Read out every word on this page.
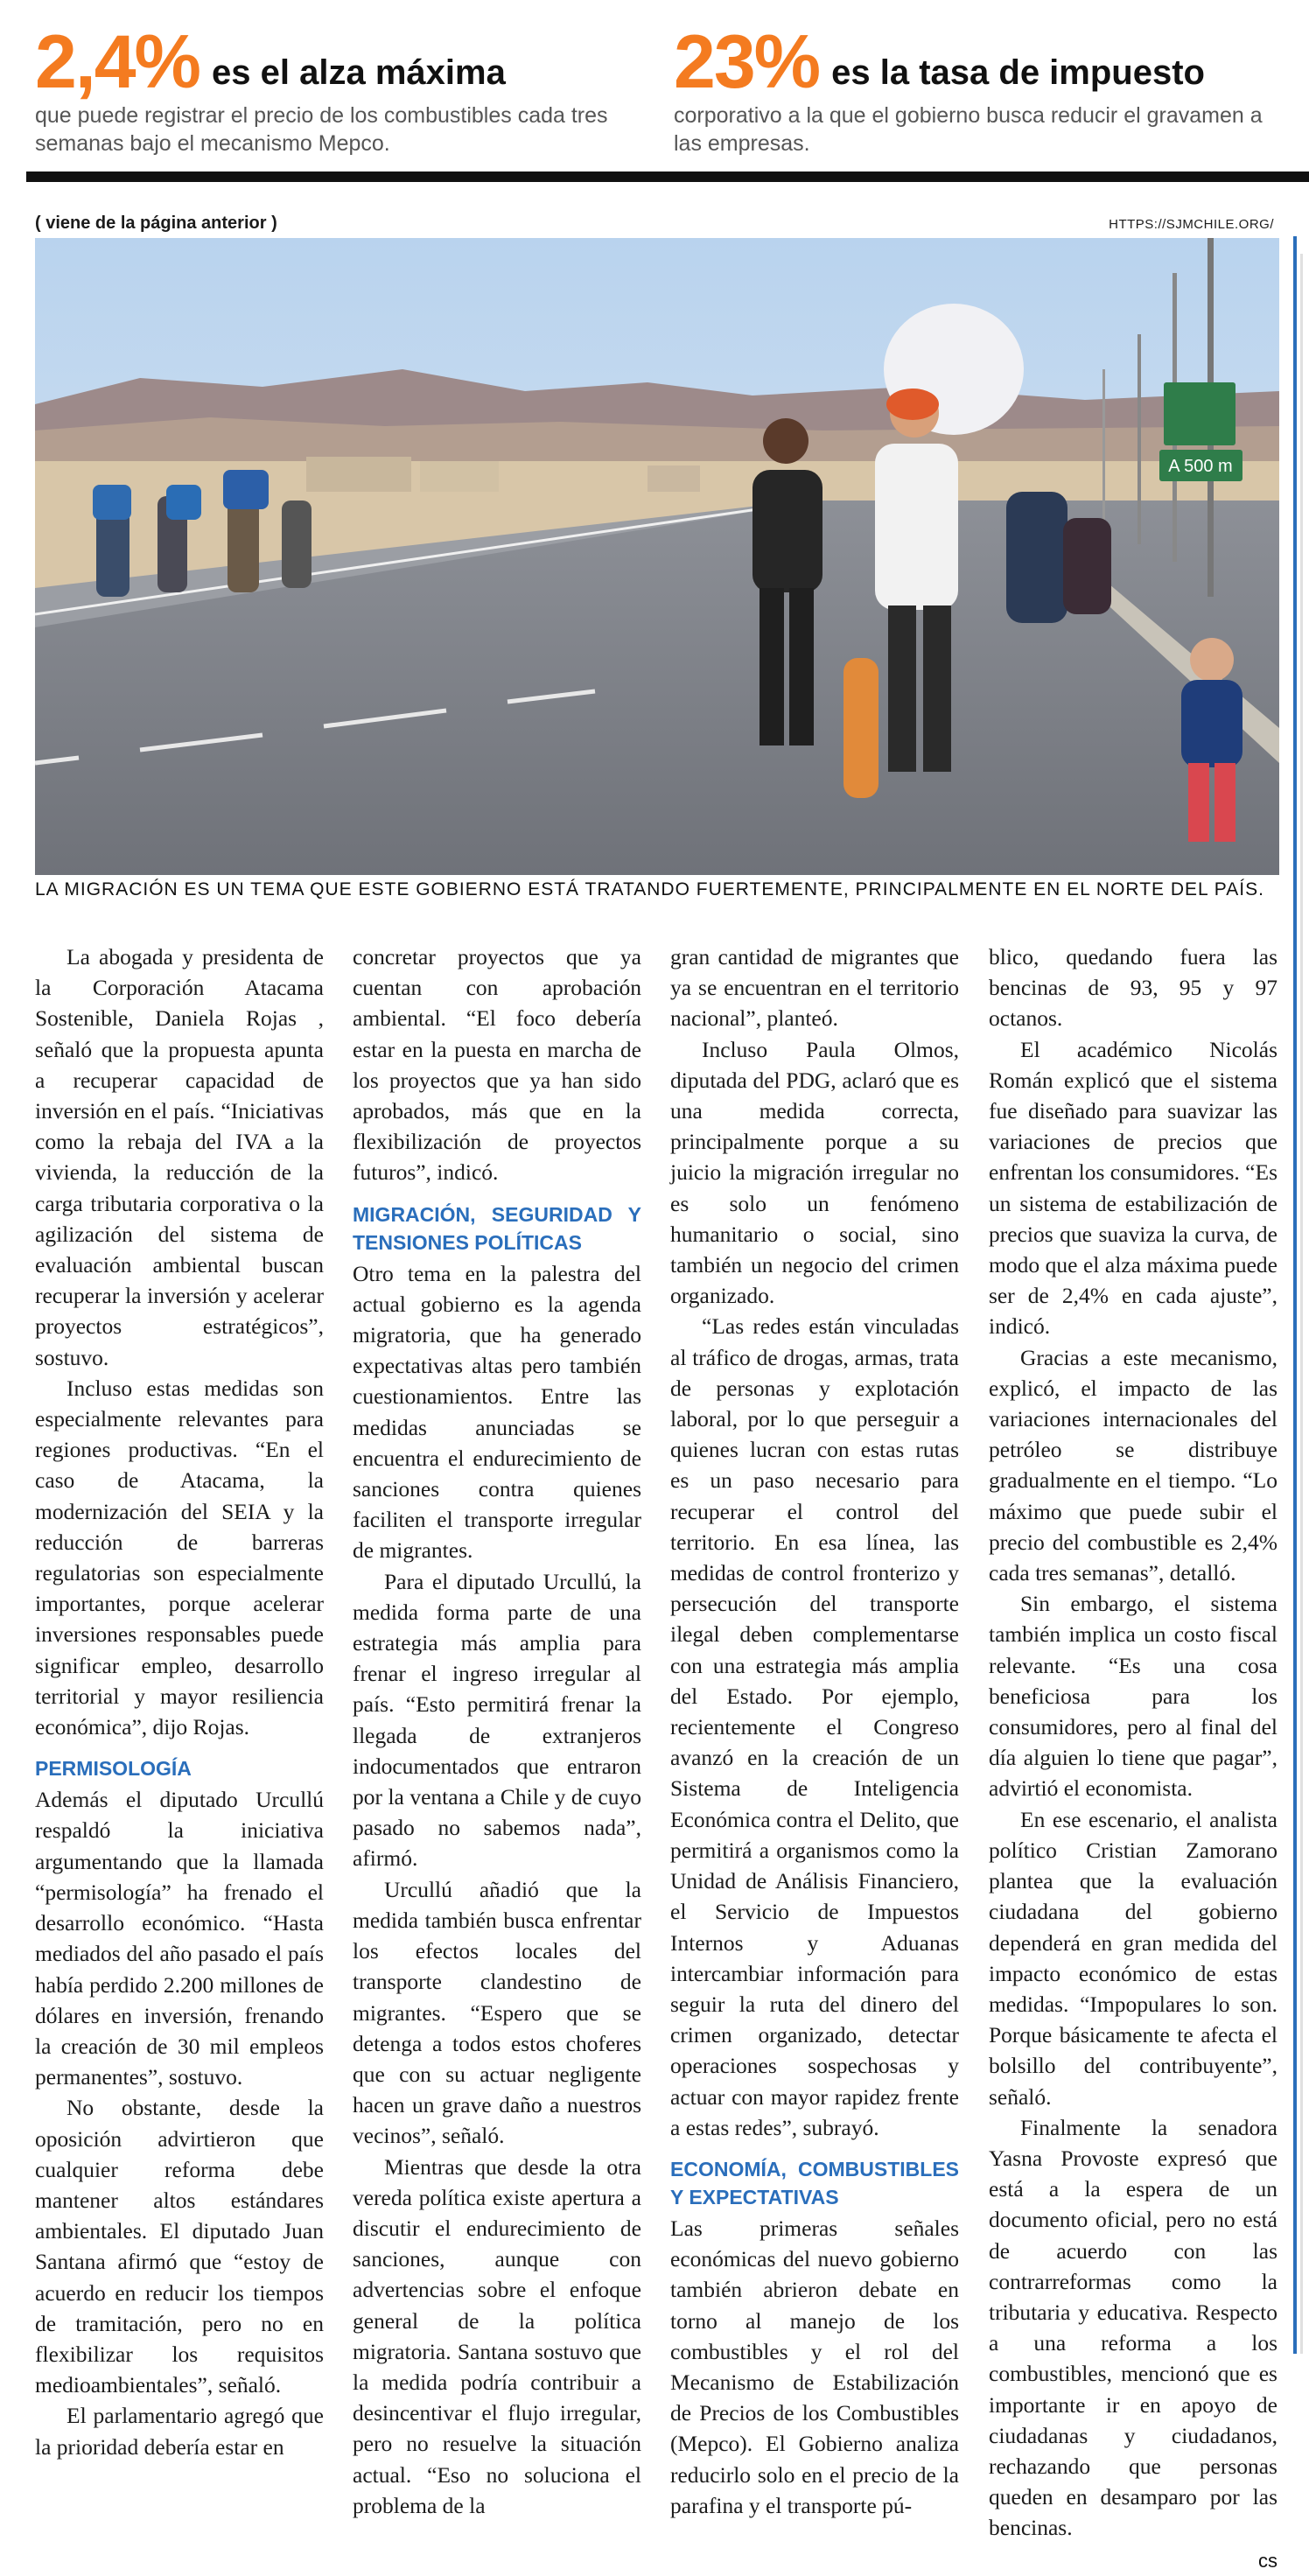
2,4% es el alza máxima
que puede registrar el precio de los combustibles cada tres semanas bajo el mecanismo Mepco.
23% es la tasa de impuesto
corporativo a la que el gobierno busca reducir el gravamen a las empresas.
( viene de la página anterior )	HTTPS://SJMCHILE.ORG/
A 500 m
LA MIGRACIÓN ES UN TEMA QUE ESTE GOBIERNO ESTÁ TRATANDO FUERTEMENTE, PRINCIPALMENTE EN EL NORTE DEL PAÍS.

La abogada y presidenta de la Corporación Atacama Sostenible, Daniela Rojas , señaló que la propuesta apunta a recuperar capacidad de inversión en el país. “Iniciativas como la rebaja del IVA a la vivienda, la reducción de la carga tributaria corporativa o la agilización del sistema de evaluación ambiental buscan recuperar la inversión y acelerar proyectos estratégicos”, sostuvo.

Incluso estas medidas son especialmente relevantes para regiones productivas. “En el caso de Atacama, la modernización del SEIA y la reducción de barreras regulatorias son especialmente importantes, porque acelerar inversiones responsables puede significar empleo, desarrollo territorial y mayor resiliencia económica”, dijo Rojas.

PERMISOLOGÍA

Además el diputado Urcullú respaldó la iniciativa argumentando que la llamada “permisología” ha frenado el desarrollo económico. “Hasta mediados del año pasado el país había perdido 2.200 millones de dólares en inversión, frenando la creación de 30 mil empleos permanentes”, sostuvo.

No obstante, desde la oposición advirtieron que cualquier reforma debe mantener altos estándares ambientales. El diputado Juan Santana afirmó que “estoy de acuerdo en reducir los tiempos de tramitación, pero no en flexibilizar los requisitos medioambientales”, señaló.

El parlamentario agregó que la prioridad debería estar en

concretar proyectos que ya cuentan con aprobación ambiental. “El foco debería estar en la puesta en marcha de los proyectos que ya han sido aprobados, más que en la flexibilización de proyectos futuros”, indicó.

MIGRACIÓN, SEGURIDAD Y TENSIONES POLÍTICAS

Otro tema en la palestra del actual gobierno es la agenda migratoria, que ha generado expectativas altas pero también cuestionamientos. Entre las medidas anunciadas se encuentra el endurecimiento de sanciones contra quienes faciliten el transporte irregular de migrantes.

Para el diputado Urcullú, la medida forma parte de una estrategia más amplia para frenar el ingreso irregular al país. “Esto permitirá frenar la llegada de extranjeros indocumentados que entraron por la ventana a Chile y de cuyo pasado no sabemos nada”, afirmó.

Urcullú añadió que la medida también busca enfrentar los efectos locales del transporte clandestino de migrantes. “Espero que se detenga a todos estos choferes que con su actuar negligente hacen un grave daño a nuestros vecinos”, señaló.

Mientras que desde la otra vereda política existe apertura a discutir el endurecimiento de sanciones, aunque con advertencias sobre el enfoque general de la política migratoria. Santana sostuvo que la medida podría contribuir a desincentivar el flujo irregular, pero no resuelve la situación actual. “Eso no soluciona el problema de la

gran cantidad de migrantes que ya se encuentran en el territorio nacional”, planteó.

Incluso Paula Olmos, diputada del PDG, aclaró que es una medida correcta, principalmente porque a su juicio la migración irregular no es solo un fenómeno humanitario o social, sino también un negocio del crimen organizado.

“Las redes están vinculadas al tráfico de drogas, armas, trata de personas y explotación laboral, por lo que perseguir a quienes lucran con estas rutas es un paso necesario para recuperar el control del territorio. En esa línea, las medidas de control fronterizo y persecución del transporte ilegal deben complementarse con una estrategia más amplia del Estado. Por ejemplo, recientemente el Congreso avanzó en la creación de un Sistema de Inteligencia Económica contra el Delito, que permitirá a organismos como la Unidad de Análisis Financiero, el Servicio de Impuestos Internos y Aduanas intercambiar información para seguir la ruta del dinero del crimen organizado, detectar operaciones sospechosas y actuar con mayor rapidez frente a estas redes”, subrayó.

ECONOMÍA, COMBUSTIBLES Y EXPECTATIVAS

Las primeras señales económicas del nuevo gobierno también abrieron debate en torno al manejo de los combustibles y el rol del Mecanismo de Estabilización de Precios de los Combustibles (Mepco). El Gobierno analiza reducirlo solo en el precio de la parafina y el transporte pú-

blico, quedando fuera las bencinas de 93, 95 y 97 octanos.

El académico Nicolás Román explicó que el sistema fue diseñado para suavizar las variaciones de precios que enfrentan los consumidores. “Es un sistema de estabilización de precios que suaviza la curva, de modo que el alza máxima puede ser de 2,4% en cada ajuste”, indicó.

Gracias a este mecanismo, explicó, el impacto de las variaciones internacionales del petróleo se distribuye gradualmente en el tiempo. “Lo máximo que puede subir el precio del combustible es 2,4% cada tres semanas”, detalló.

Sin embargo, el sistema también implica un costo fiscal relevante. “Es una cosa beneficiosa para los consumidores, pero al final del día alguien lo tiene que pagar”, advirtió el economista.

En ese escenario, el analista político Cristian Zamorano plantea que la evaluación ciudadana del gobierno dependerá en gran medida del impacto económico de estas medidas. “Impopulares lo son. Porque básicamente te afecta el bolsillo del contribuyente”, señaló.

Finalmente la senadora Yasna Provoste expresó que está a la espera de un documento oficial, pero no está de acuerdo con las contrarreformas como la tributaria y educativa. Respecto a una reforma a los combustibles, mencionó que es importante ir en apoyo de ciudadanas y ciudadanos, rechazando que personas queden en desamparo por las bencinas.

cs
